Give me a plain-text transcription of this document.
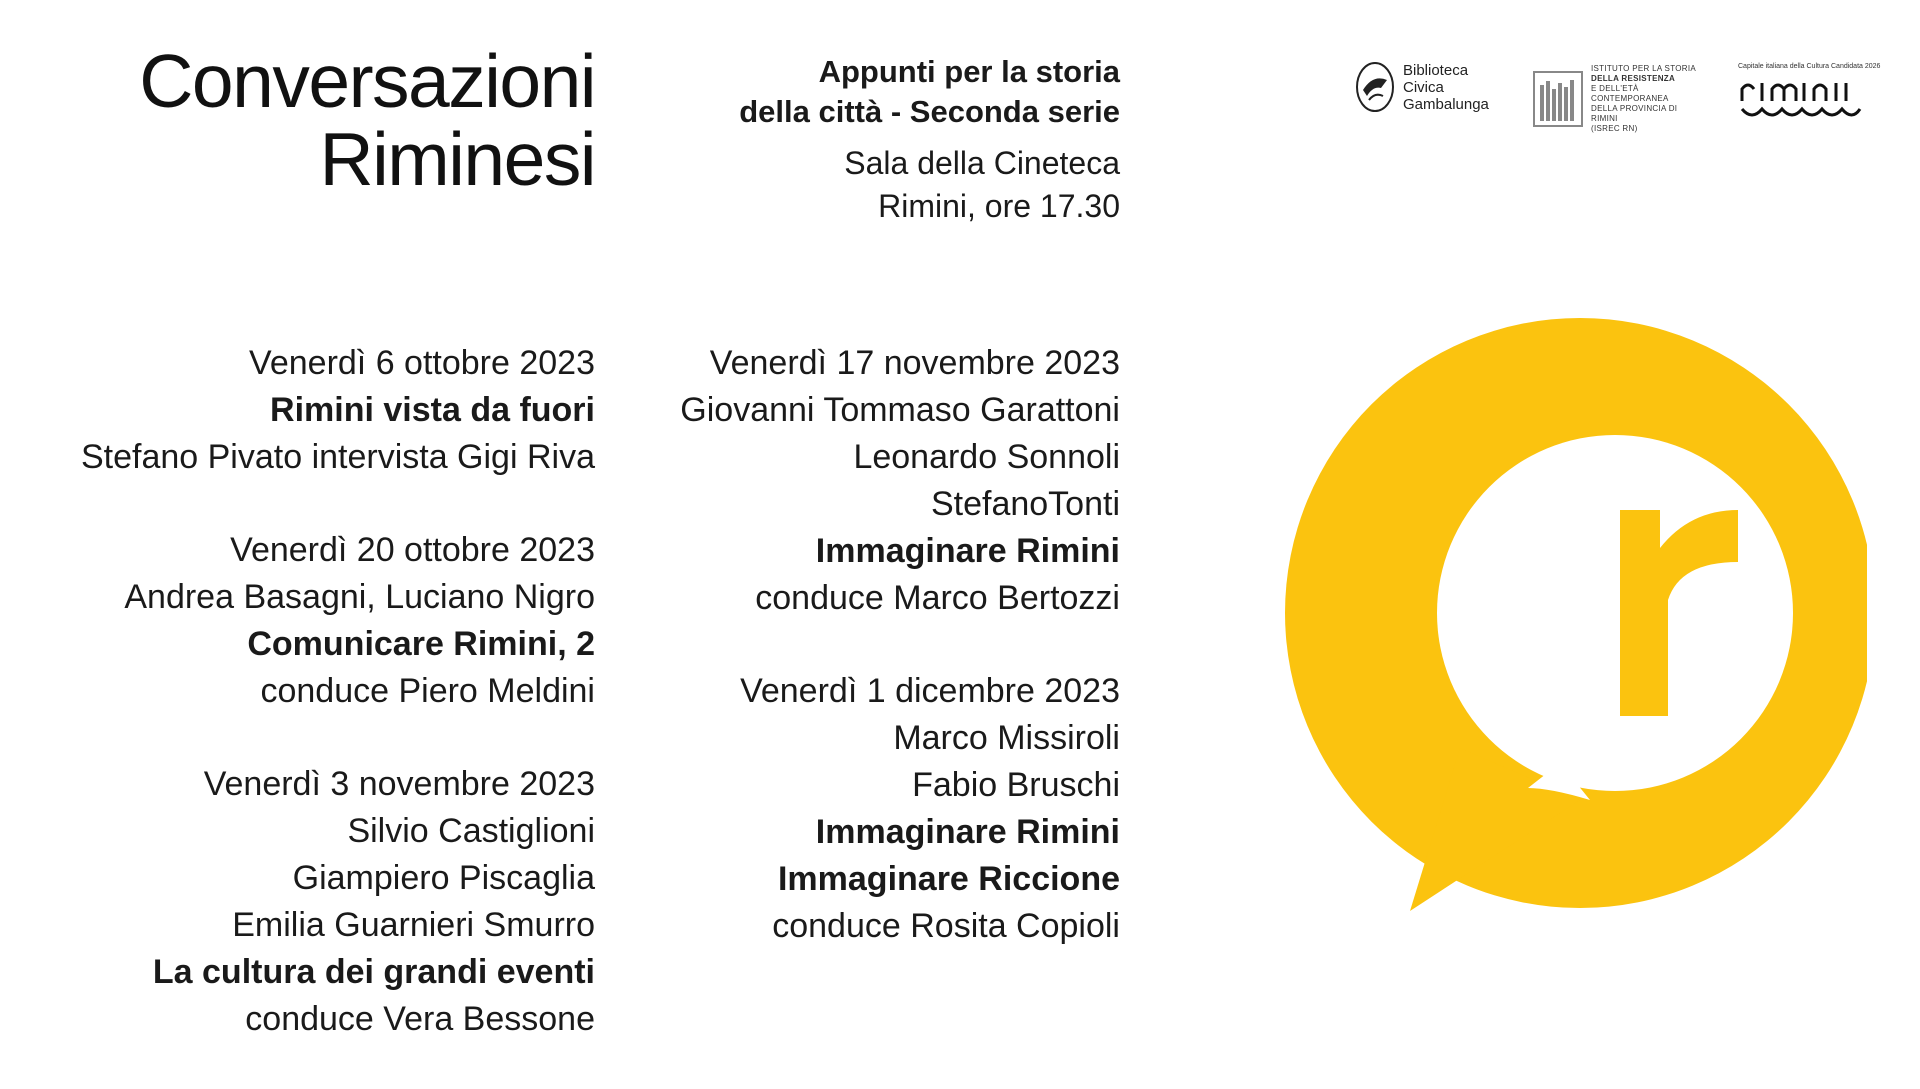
Conversazioni
Riminesi
Appunti per la storia
della città - Seconda serie
Sala della Cineteca
Rimini, ore 17.30
Biblioteca
Civica
Gambalunga
ISTITUTO PER LA STORIA
DELLA RESISTENZA
E DELL'ETÀ CONTEMPORANEA
DELLA PROVINCIA DI RIMINI
(ISREC RN)
Capitale italiana della Cultura Candidata 2026
Venerdì 6 ottobre 2023
Rimini vista da fuori
Stefano Pivato intervista Gigi Riva
Venerdì 20 ottobre 2023
Andrea Basagni, Luciano Nigro
Comunicare Rimini, 2
conduce Piero Meldini
Venerdì 3 novembre 2023
Silvio Castiglioni
Giampiero Piscaglia
Emilia Guarnieri Smurro
La cultura dei grandi eventi
conduce Vera Bessone
Venerdì 17 novembre 2023
Giovanni Tommaso Garattoni
Leonardo Sonnoli
StefanoTonti
Immaginare Rimini
conduce Marco Bertozzi
Venerdì 1 dicembre 2023
Marco Missiroli
Fabio Bruschi
Immaginare Rimini
Immaginare Riccione
conduce Rosita Copioli
